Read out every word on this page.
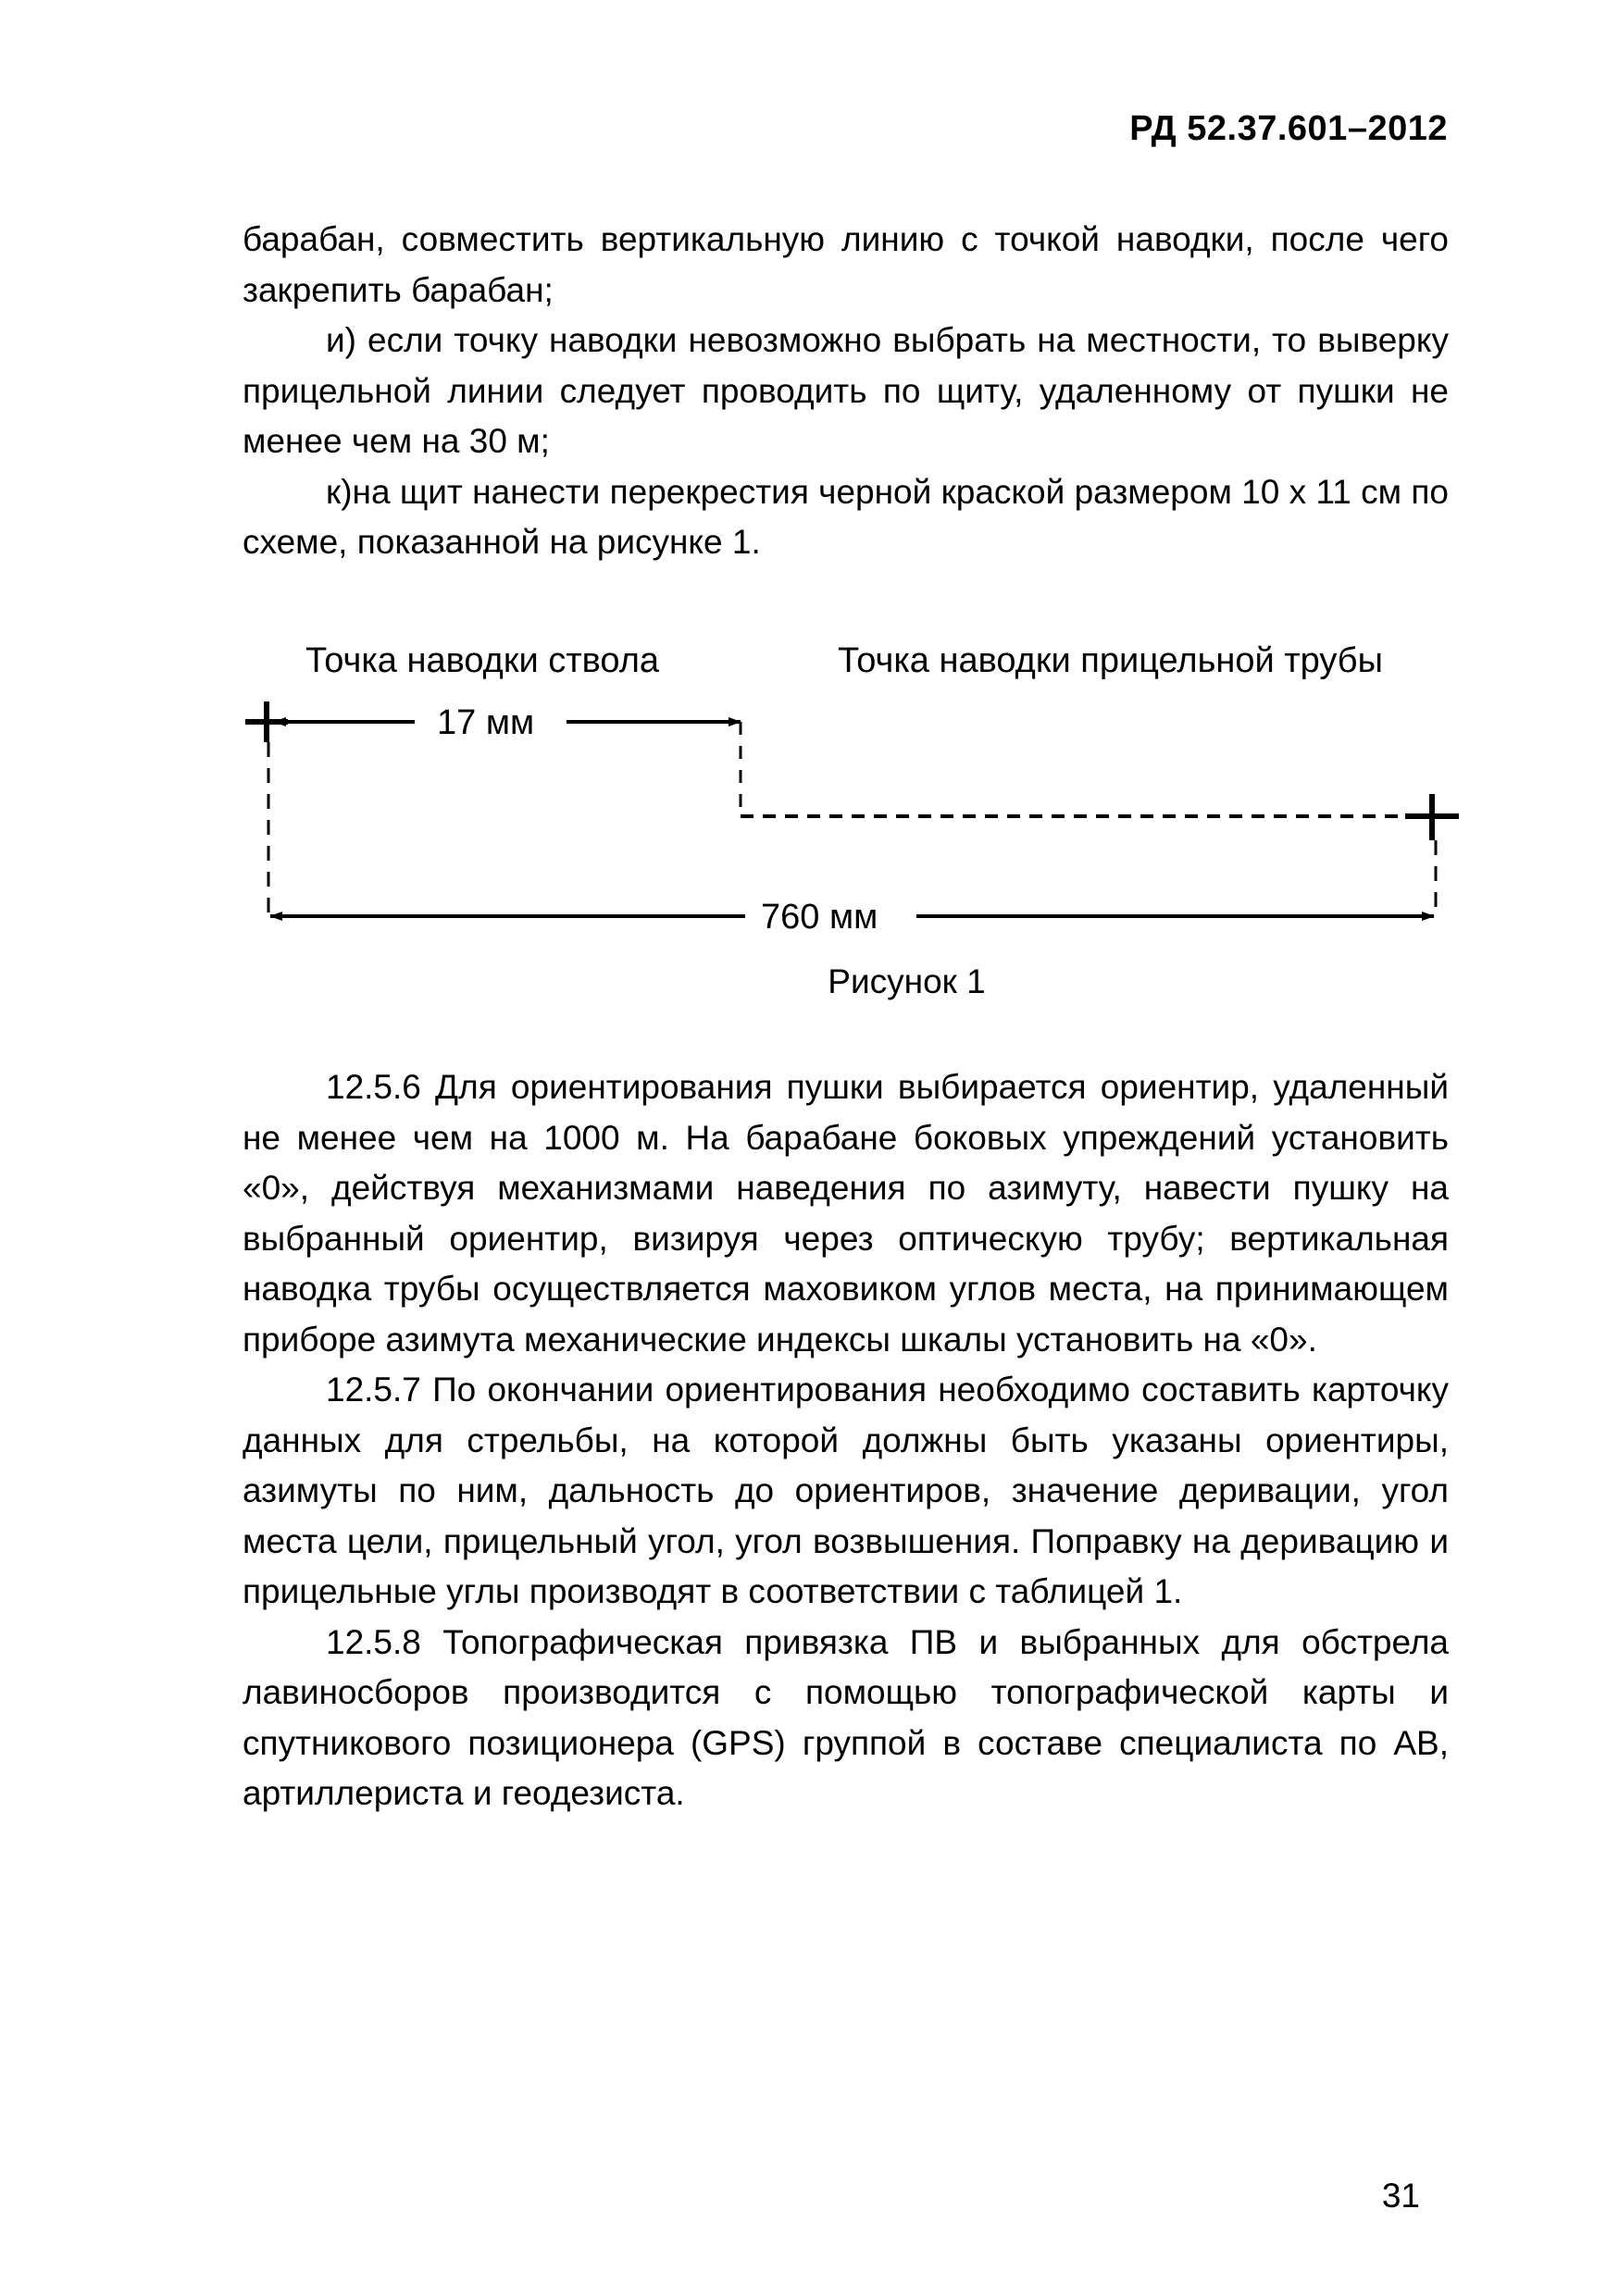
РД 52.37.601–2012

барабан, совместить вертикальную линию с точкой наводки, после чего закрепить барабан;

и) если точку наводки невозможно выбрать на местности, то выверку прицельной линии следует проводить по щиту, удаленному от пушки не менее чем на 30 м;

к)на щит нанести перекрестия черной краской размером 10 х 11 см по схеме, показанной на рисунке 1.

Точка наводки ствола	Точка наводки прицельной трубы
17 мм
760 мм
Рисунок 1

12.5.6 Для ориентирования пушки выбирается ориентир, удаленный не менее чем на 1000 м. На барабане боковых упреждений установить «0», действуя механизмами наведения по азимуту, навести пушку на выбранный ориентир, визируя через оптическую трубу; вертикальная наводка трубы осуществляется маховиком углов места, на принимающем приборе азимута механические индексы шкалы установить на «0».

12.5.7 По окончании ориентирования необходимо составить карточку данных для стрельбы, на которой должны быть указаны ориентиры, азимуты по ним, дальность до ориентиров, значение деривации, угол места цели, прицельный угол, угол возвышения. Поправку на деривацию и прицельные углы производят в соответствии с таблицей 1.

12.5.8 Топографическая привязка ПВ и выбранных для обстрела лавиносборов производится с помощью топографической карты и спутникового позиционера (GPS) группой в составе специалиста по АВ, артиллериста и геодезиста.

31
